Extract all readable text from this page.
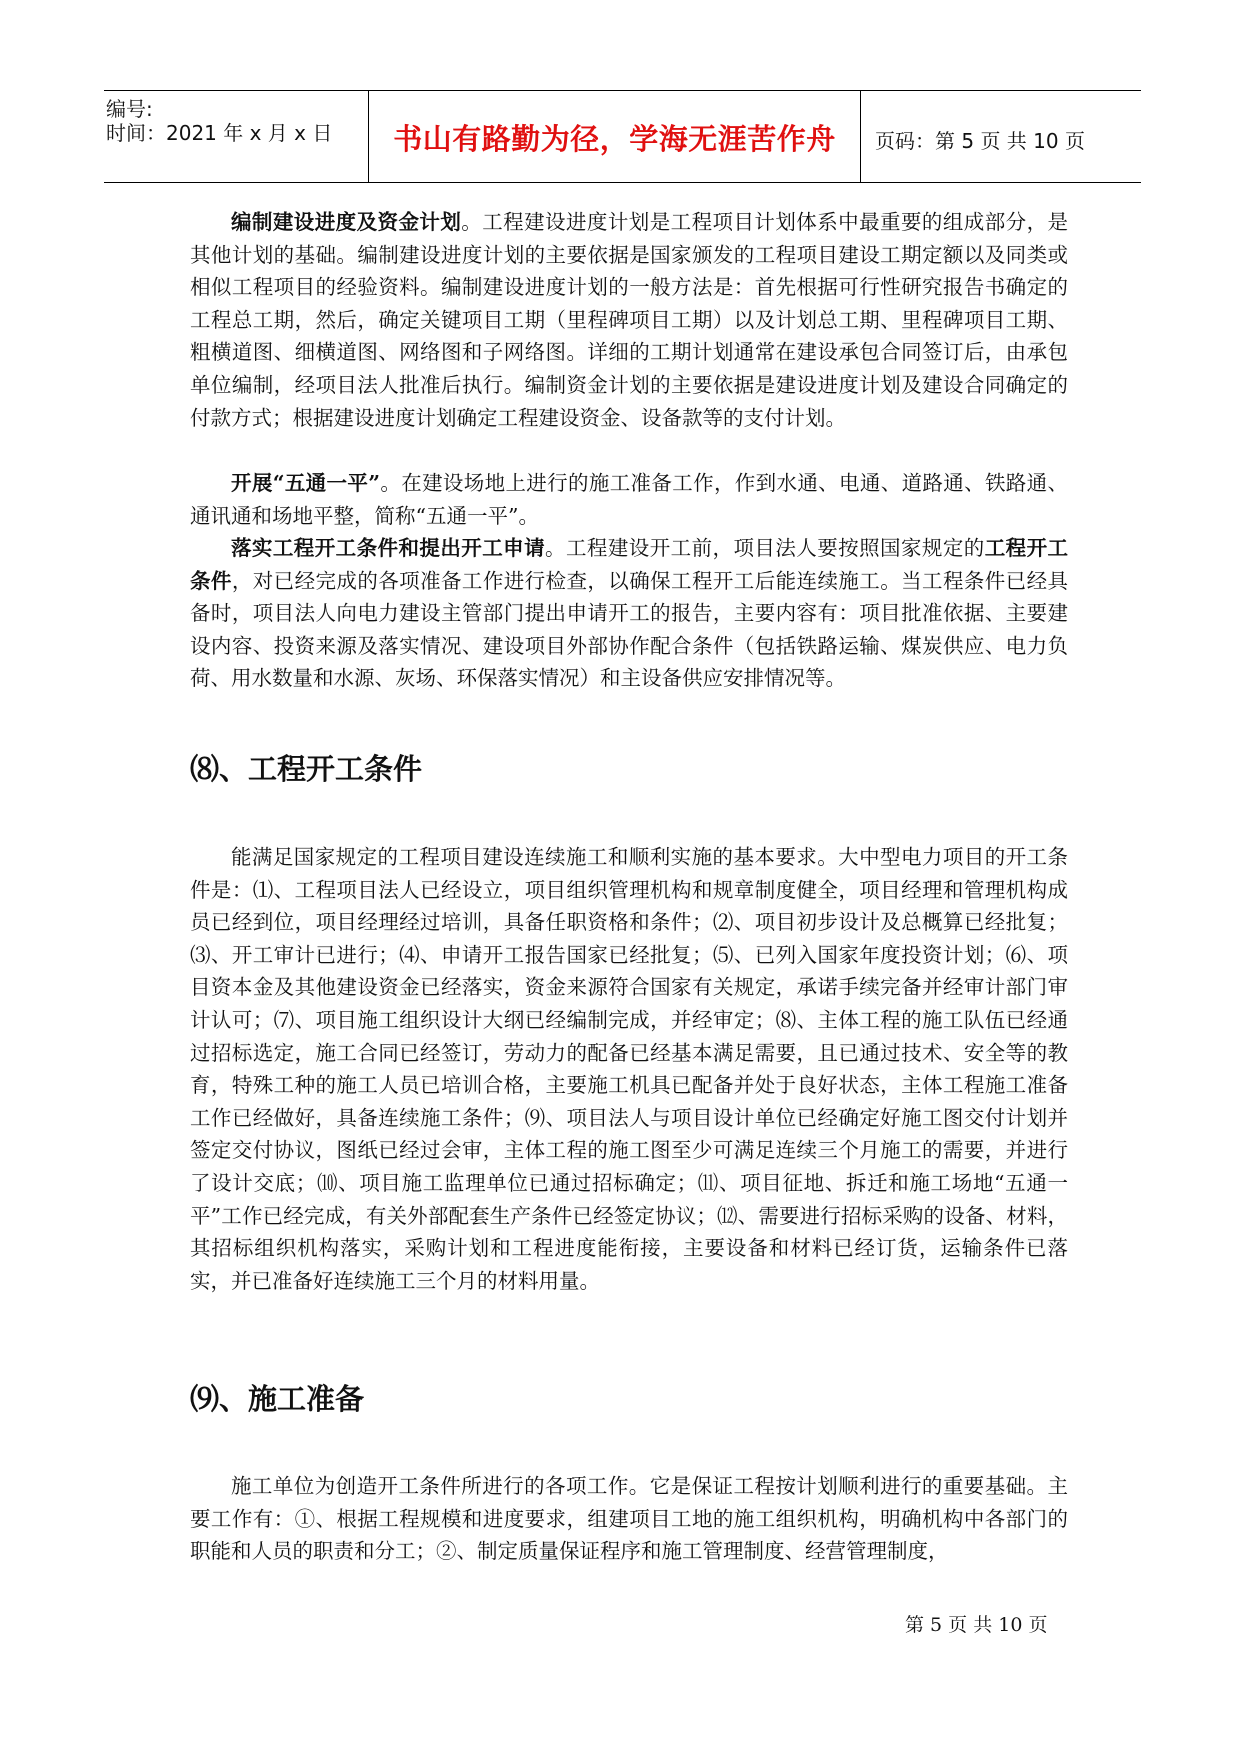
编号:
时间：2021 年 x 月 x 日	书山有路勤为径，学海无涯苦作舟	页码：第 5 页 共 10 页

编制建设进度及资金计划。工程建设进度计划是工程项目计划体系中最重要的组成部分，是其他计划的基础。编制建设进度计划的主要依据是国家颁发的工程项目建设工期定额以及同类或相似工程项目的经验资料。编制建设进度计划的一般方法是：首先根据可行性研究报告书确定的工程总工期，然后，确定关键项目工期（里程碑项目工期）以及计划总工期、里程碑项目工期、粗横道图、细横道图、网络图和子网络图。详细的工期计划通常在建设承包合同签订后，由承包单位编制，经项目法人批准后执行。编制资金计划的主要依据是建设进度计划及建设合同确定的付款方式；根据建设进度计划确定工程建设资金、设备款等的支付计划。

开展“五通一平”。在建设场地上进行的施工准备工作，作到水通、电通、道路通、铁路通、通讯通和场地平整，简称“五通一平”。

落实工程开工条件和提出开工申请。工程建设开工前，项目法人要按照国家规定的工程开工条件，对已经完成的各项准备工作进行检查，以确保工程开工后能连续施工。当工程条件已经具备时，项目法人向电力建设主管部门提出申请开工的报告，主要内容有：项目批准依据、主要建设内容、投资来源及落实情况、建设项目外部协作配合条件（包括铁路运输、煤炭供应、电力负荷、用水数量和水源、灰场、环保落实情况）和主设备供应安排情况等。

⑻、工程开工条件

能满足国家规定的工程项目建设连续施工和顺利实施的基本要求。大中型电力项目的开工条件是：⑴、工程项目法人已经设立，项目组织管理机构和规章制度健全，项目经理和管理机构成员已经到位，项目经理经过培训，具备任职资格和条件；⑵、项目初步设计及总概算已经批复；⑶、开工审计已进行；⑷、申请开工报告国家已经批复；⑸、已列入国家年度投资计划；⑹、项目资本金及其他建设资金已经落实，资金来源符合国家有关规定，承诺手续完备并经审计部门审计认可；⑺、项目施工组织设计大纲已经编制完成，并经审定；⑻、主体工程的施工队伍已经通过招标选定，施工合同已经签订，劳动力的配备已经基本满足需要，且已通过技术、安全等的教育，特殊工种的施工人员已培训合格，主要施工机具已配备并处于良好状态，主体工程施工准备工作已经做好，具备连续施工条件；⑼、项目法人与项目设计单位已经确定好施工图交付计划并签定交付协议，图纸已经过会审，主体工程的施工图至少可满足连续三个月施工的需要，并进行了设计交底；⑽、项目施工监理单位已通过招标确定；⑾、项目征地、拆迁和施工场地“五通一平”工作已经完成，有关外部配套生产条件已经签定协议；⑿、需要进行招标采购的设备、材料，其招标组织机构落实，采购计划和工程进度能衔接，主要设备和材料已经订货，运输条件已落实，并已准备好连续施工三个月的材料用量。

⑼、施工准备

施工单位为创造开工条件所进行的各项工作。它是保证工程按计划顺利进行的重要基础。主要工作有：①、根据工程规模和进度要求，组建项目工地的施工组织机构，明确机构中各部门的职能和人员的职责和分工；②、制定质量保证程序和施工管理制度、经营管理制度，

第 5 页 共 10 页
